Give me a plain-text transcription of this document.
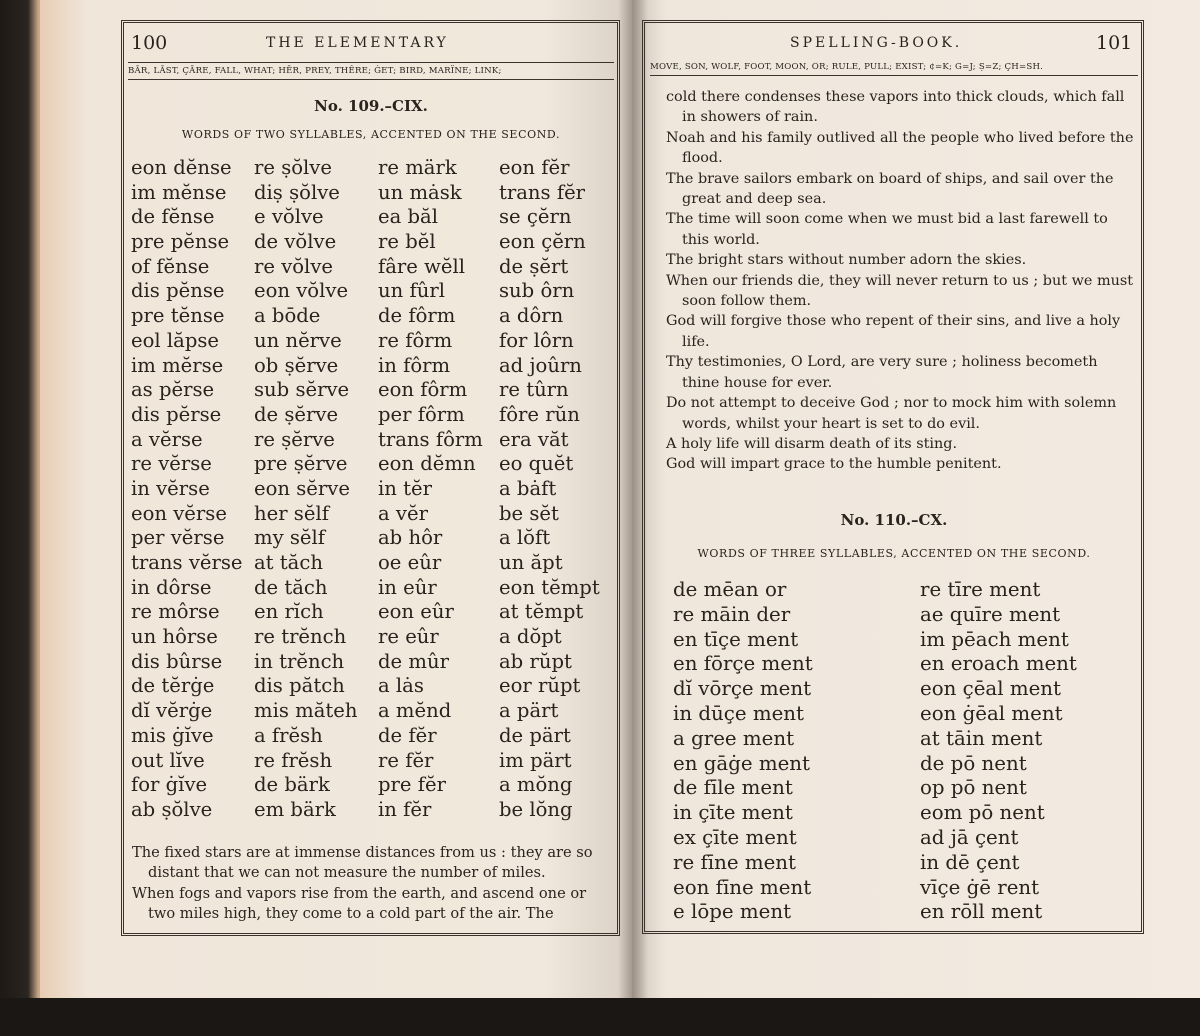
100	THE ELEMENTARY
BĀR, LĀST, ÇĀRE, FALL, WHAT; HĒR, PREY, THÊRE; ĠET; BIRD, MARÏNE; LINK;
No. 109.–CIX.
WORDS OF TWO SYLLABLES, ACCENTED ON THE SECOND.
eon dĕnse
im mĕnse
de fĕnse
pre pĕnse
of fĕnse
dis pĕnse
pre tĕnse
eol lăpse
im mĕrse
as pĕrse
dis pĕrse
a vĕrse
re vĕrse
in vĕrse
eon vĕrse
per vĕrse
trans vĕrse
in dôrse
re môrse
un hôrse
dis bûrse
de tĕrġe
dĭ vĕrġe
mis ġĭve
out lĭve
for ġĭve
ab ṣŏlve
re ṣŏlve
diṣ ṣŏlve
e vŏlve
de vŏlve
re vŏlve
eon vŏlve
a bōde
un nĕrve
ob ṣĕrve
sub sĕrve
de ṣĕrve
re ṣĕrve
pre ṣĕrve
eon sĕrve
her sĕlf
my sĕlf
at tăch
de tăch
en rĭch
re trĕnch
in trĕnch
dis pătch
mis măteh
a frĕsh
re frĕsh
de bärk
em bärk
re märk
un mȧsk
ea băl
re bĕl
fâre wĕll
un fûrl
de fôrm
re fôrm
in fôrm
eon fôrm
per fôrm
trans fôrm
eon dĕmn
in tĕr
a vĕr
ab hôr
oe eûr
in eûr
eon eûr
re eûr
de mûr
a lȧs
a mĕnd
de fĕr
re fĕr
pre fĕr
in fĕr
eon fĕr
trans fĕr
se çĕrn
eon çĕrn
de ṣĕrt
sub ôrn
a dôrn
for lôrn
ad joûrn
re tûrn
fôre rŭn
era văt
eo quĕt
a bȧft
be sĕt
a lŏft
un ăpt
eon tĕmpt
at tĕmpt
a dŏpt
ab rŭpt
eor rŭpt
a pärt
de pärt
im pärt
a mŏng
be lŏng
The fixed stars are at immense distances from us : they are so distant that we can not measure the number of miles.
When fogs and vapors rise from the earth, and ascend one or two miles high, they come to a cold part of the air. The
SPELLING-BOOK.	101
MOVE, SŎN, WOLF, FOOT, MOON, ÔR; RULE, PULL; EXIST; ¢=K; Ġ=J; Ṣ=Z; ÇH=SH.
cold there condenses these vapors into thick clouds, which fall in showers of rain.
Noah and his family outlived all the people who lived before the flood.
The brave sailors embark on board of ships, and sail over the great and deep sea.
The time will soon come when we must bid a last farewell to this world.
The bright stars without number adorn the skies.
When our friends die, they will never return to us ; but we must soon follow them.
God will forgive those who repent of their sins, and live a holy life.
Thy testimonies, O Lord, are very sure ; holiness becometh thine house for ever.
Do not attempt to deceive God ; nor to mock him with solemn words, whilst your heart is set to do evil.
A holy life will disarm death of its sting.
God will impart grace to the humble penitent.
No. 110.–CX.
WORDS OF THREE SYLLABLES, ACCENTED ON THE SECOND.
de mēan or
re māin der
en tīçe ment
en fōrçe ment
dĭ vōrçe ment
in dūçe ment
a gree ment
en gāġe ment
de fīle ment
in çīte ment
ex çīte ment
re fīne ment
eon fīne ment
e lōpe ment
re tīre ment
ae quīre ment
im pēach ment
en eroach ment
eon çēal ment
eon ġēal ment
at tāin ment
de pō nent
op pō nent
eom pō nent
ad jā çent
in dē çent
vīçe ġē rent
en rōll ment
